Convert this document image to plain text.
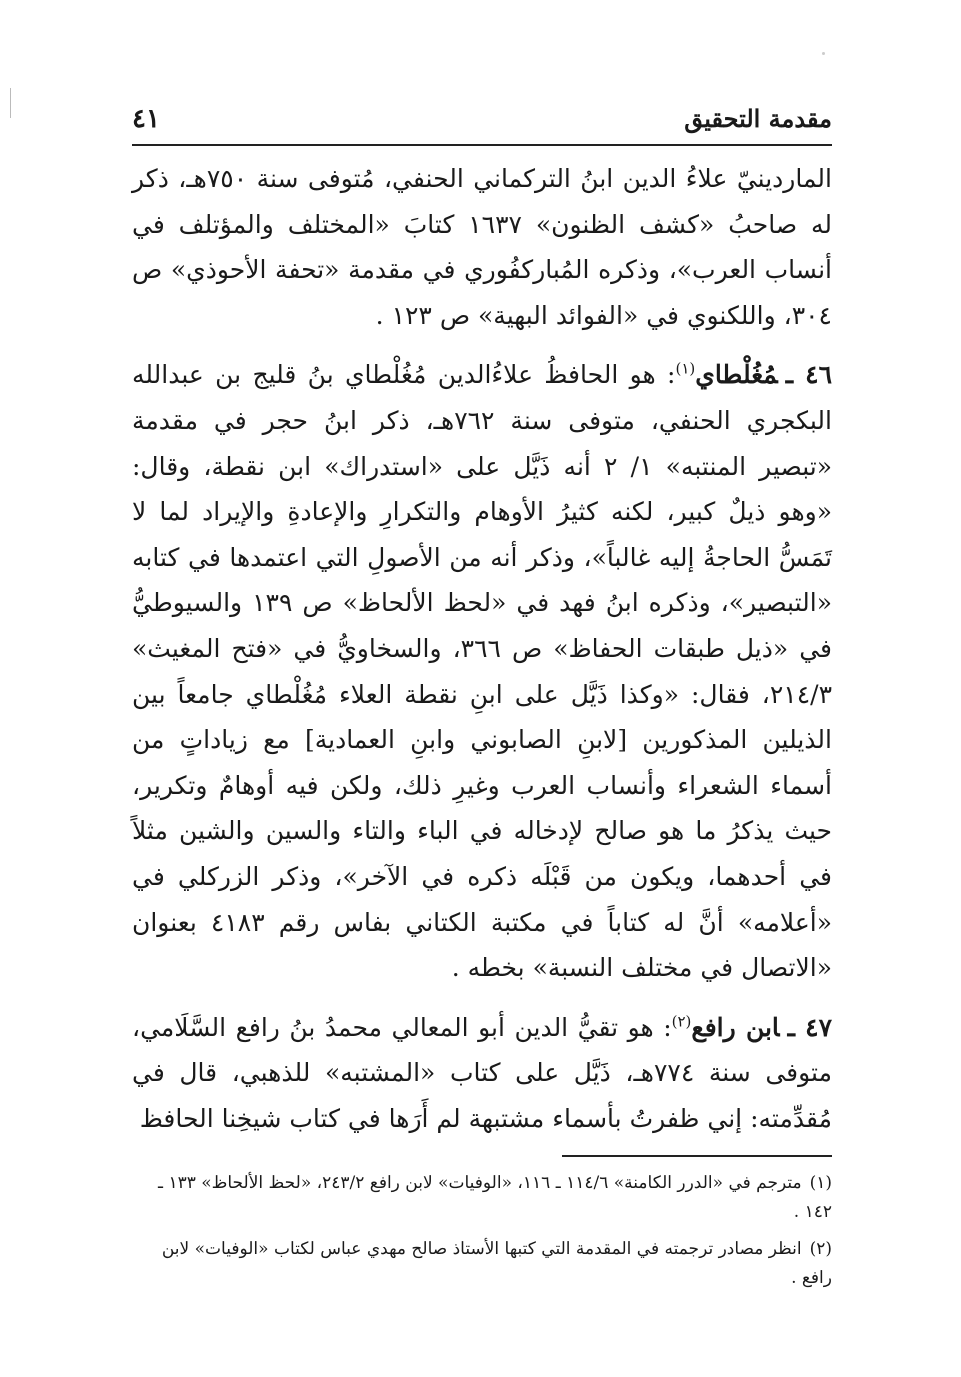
مقدمة التحقيق
٤١

الماردينيّ علاءُ الدين ابنُ التركماني الحنفي، مُتوفى سنة ٧٥٠هـ، ذكر له صاحبُ «كشف الظنون» ١٦٣٧ كتابَ «المختلف والمؤتلف في أنساب العرب»، وذكره المُباركفُوري في مقدمة «تحفة الأحوذي» ص ٣٠٤، واللكنوي في «الفوائد البهية» ص ١٢٣ .

٤٦ ـمُغُلْطاي$^{(١)}$: هو الحافظُ علاءُالدين مُغُلْطاي بنُ قليج بن عبدالله البكجري الحنفي، متوفى سنة ٧٦٢هـ، ذكر ابنُ حجر في مقدمة «تبصير المنتبه» ١/ ٢ أنه ذَيَّل على «استدراك» ابن نقطة، وقال: «وهو ذيلٌ كبير، لكنه كثيرُ الأوهام والتكرارِ والإعادةِ والإيراد لما لا تَمَسُّ الحاجةُ إليه غالباً»، وذكر أنه من الأصولِ التي اعتمدها في كتابه «التبصير»، وذكره ابنُ فهد في «لحظ الألحاظ» ص ١٣٩ والسيوطيُّ في «ذيل طبقات الحفاظ» ص ٣٦٦، والسخاويُّ في «فتح المغيث» ٢١٤/٣، فقال: «وكذا ذَيَّل على ابنِ نقطة العلاء مُغُلْطاي جامعاً بين الذيلين المذكورين [لابنِ الصابوني وابنِ العمادية] مع زياداتٍ من أسماء الشعراء وأنساب العرب وغيرِ ذلك، ولكن فيه أوهامٌ وتكرير، حيث يذكرُ ما هو صالح لإدخاله في الباء والتاء والسين والشين مثلاً في أحدهما، ويكون من قَبْلَه ذكره في الآخر»، وذكر الزركلي في «أعلامه» أنَّ له كتاباً في مكتبة الكتاني بفاس رقم ٤١٨٣ بعنوان «الاتصال في مختلف النسبة» بخطه .

٤٧ ـابن رافع$^{(٢)}$: هو تقيُّ الدين أبو المعالي محمدُ بنُ رافع السَّلَامي، متوفى سنة ٧٧٤هـ، ذَيَّل على كتاب «المشتبه» للذهبي، قال في مُقدِّمته: إني ظفرتُ بأسماء مشتبهة لم أَرَها في كتاب شيخِنا الحافظ

(١)مترجم في «الدرر الكامنة» ١١٤/٦ ـ ١١٦، «الوفيات» لابن رافع ٢٤٣/٢، «لحظ الألحاظ» ١٣٣ ـ ١٤٢ .

(٢)انظر مصادر ترجمته في المقدمة التي كتبها الأستاذ صالح مهدي عباس لكتاب «الوفيات» لابن رافع .
